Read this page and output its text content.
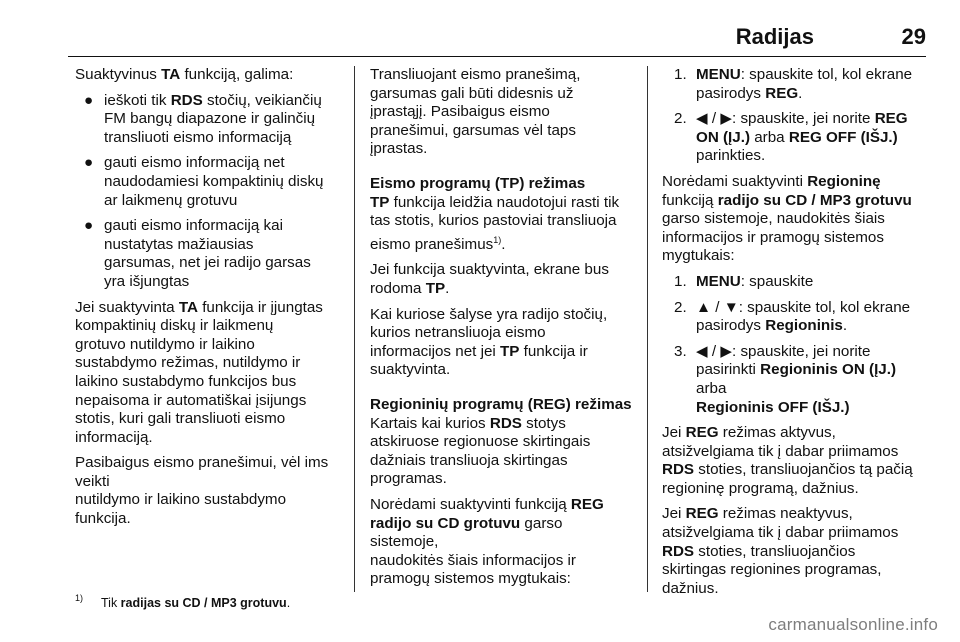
Radijas	29

Suaktyvinus TA funkciją, galima:

● ieškoti tik RDS stočių, veikiančių
FM bangų diapazone ir galinčių
transliuoti eismo informaciją
● gauti eismo informaciją net
naudodamiesi kompaktinių diskų
ar laikmenų grotuvu
● gauti eismo informaciją kai
nustatytas mažiausias
garsumas, net jei radijo garsas
yra išjungtas

Jei suaktyvinta TA funkcija ir įjungtas
kompaktinių diskų ir laikmenų
grotuvo nutildymo ir laikino
sustabdymo režimas, nutildymo ir
laikino sustabdymo funkcijos bus
nepaisoma ir automatiškai įsijungs
stotis, kuri gali transliuoti eismo
informaciją.

Pasibaigus eismo pranešimui, vėl ims
veikti
nutildymo ir laikino sustabdymo
funkcija.

Transliuojant eismo pranešimą,
garsumas gali būti didesnis už
įprastąjį. Pasibaigus eismo
pranešimui, garsumas vėl taps
įprastas.

Eismo programų (TP) režimas

TP funkcija leidžia naudotojui rasti tik
tas stotis, kurios pastoviai transliuoja
eismo pranešimus$^{1)}$.

Jei funkcija suaktyvinta, ekrane bus
rodoma TP.

Kai kuriose šalyse yra radijo stočių,
kurios netransliuoja eismo
informacijos net jei TP funkcija ir
suaktyvinta.

Regioninių programų (REG) režimas

Kartais kai kurios RDS stotys
atskiruose regionuose skirtingais
dažniais transliuoja skirtingas
programas.

Norėdami suaktyvinti funkciją REG
radijo su CD grotuvu garso sistemoje,
naudokitės šiais informacijos ir
pramogų sistemos mygtukais:

1. MENU: spauskite tol, kol ekrane
pasirodys REG.
2. ◀ / ▶: spauskite, jei norite REG
ON (ĮJ.) arba REG OFF (IŠJ.)
parinkties.

Norėdami suaktyvinti Regioninę
funkciją radijo su CD / MP3 grotuvu
garso sistemoje, naudokitės šiais
informacijos ir pramogų sistemos
mygtukais:

1. MENU: spauskite
2. ▲ / ▼: spauskite tol, kol ekrane
pasirodys Regioninis.
3. ◀ / ▶: spauskite, jei norite
pasirinkti Regioninis ON (ĮJ.) arba
Regioninis OFF (IŠJ.)

Jei REG režimas aktyvus,
atsižvelgiama tik į dabar priimamos
RDS stoties, transliuojančios tą pačią
regioninę programą, dažnius.

Jei REG režimas neaktyvus,
atsižvelgiama tik į dabar priimamos
RDS stoties, transliuojančios
skirtingas regionines programas,
dažnius.

1) Tik radijas su CD / MP3 grotuvu.
carmanualsonline.info
